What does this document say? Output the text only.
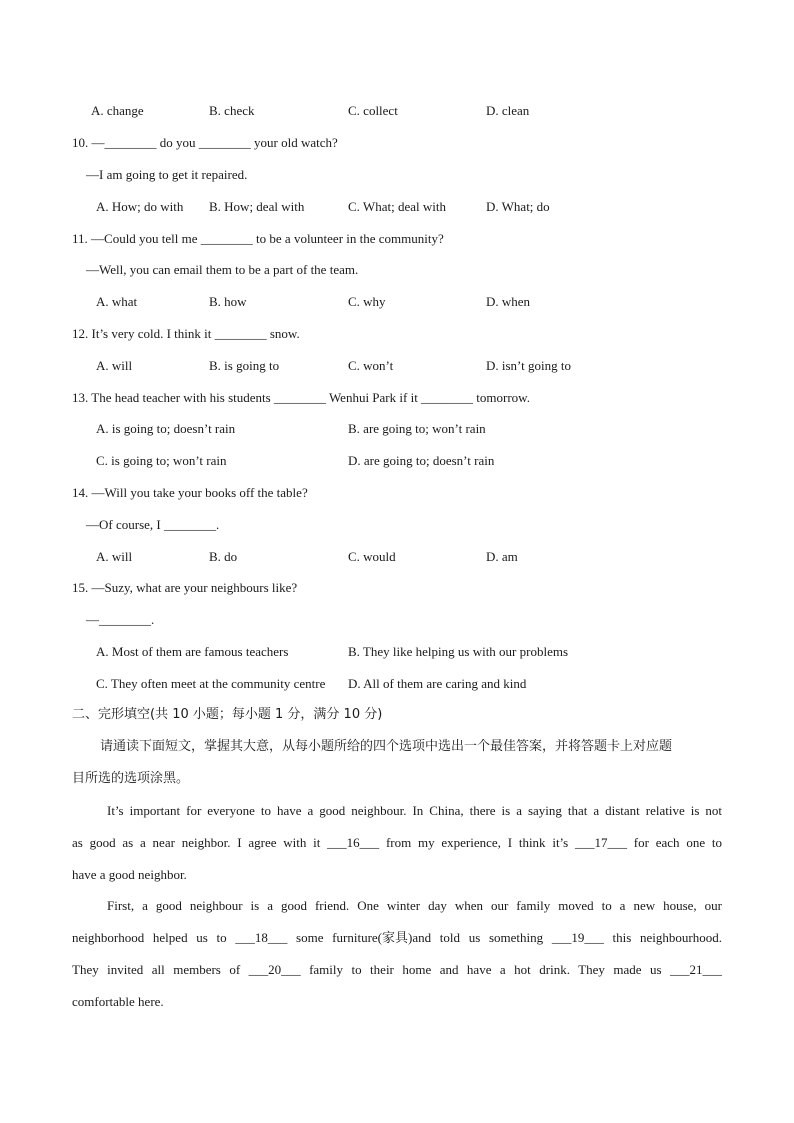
A. change	B. check	C. collect	D. clean
10. —________ do you ________ your old watch?
—I am going to get it repaired.
A. How; do with B. How; deal with	C. What; deal with	D. What; do
11. —Could you tell me ________ to be a volunteer in the community?
—Well, you can email them to be a part of the team.
A. what	B. how	C. why	D. when
12. It’s very cold. I think it ________ snow.
A. will	B. is going to	C. won’t	D. isn’t going to
13. The head teacher with his students ________ Wenhui Park if it ________ tomorrow.
A. is going to; doesn’t rain	B. are going to; won’t rain
C. is going to; won’t rain	D. are going to; doesn’t rain
14. —Will you take your books off the table?
—Of course, I ________.
A. will	B. do	C. would	D. am
15. —Suzy, what are your neighbours like?
—________.
A. Most of them are famous teachers	B. They like helping us with our problems
C. They often meet at the community centre D. All of them are caring and kind
二、完形填空(共 10 小题；每小题 1 分，满分 10 分)
请通读下面短文，掌握其大意，从每小题所给的四个选项中选出一个最佳答案，并将答题卡上对应题
目所选的选项涂黑。
It’s important for everyone to have a good neighbour. In China, there is a saying that a distant relative is not
as good as a near neighbor. I agree with it ___16___ from my experience, I think it’s ___17___ for each one to
have a good neighbor.
First, a good neighbour is a good friend. One winter day when our family moved to a new house, our
neighborhood helped us to ___18___ some furniture(家具)and told us something ___19___ this neighbourhood.
They invited all members of ___20___ family to their home and have a hot drink. They made us ___21___
comfortable here.
